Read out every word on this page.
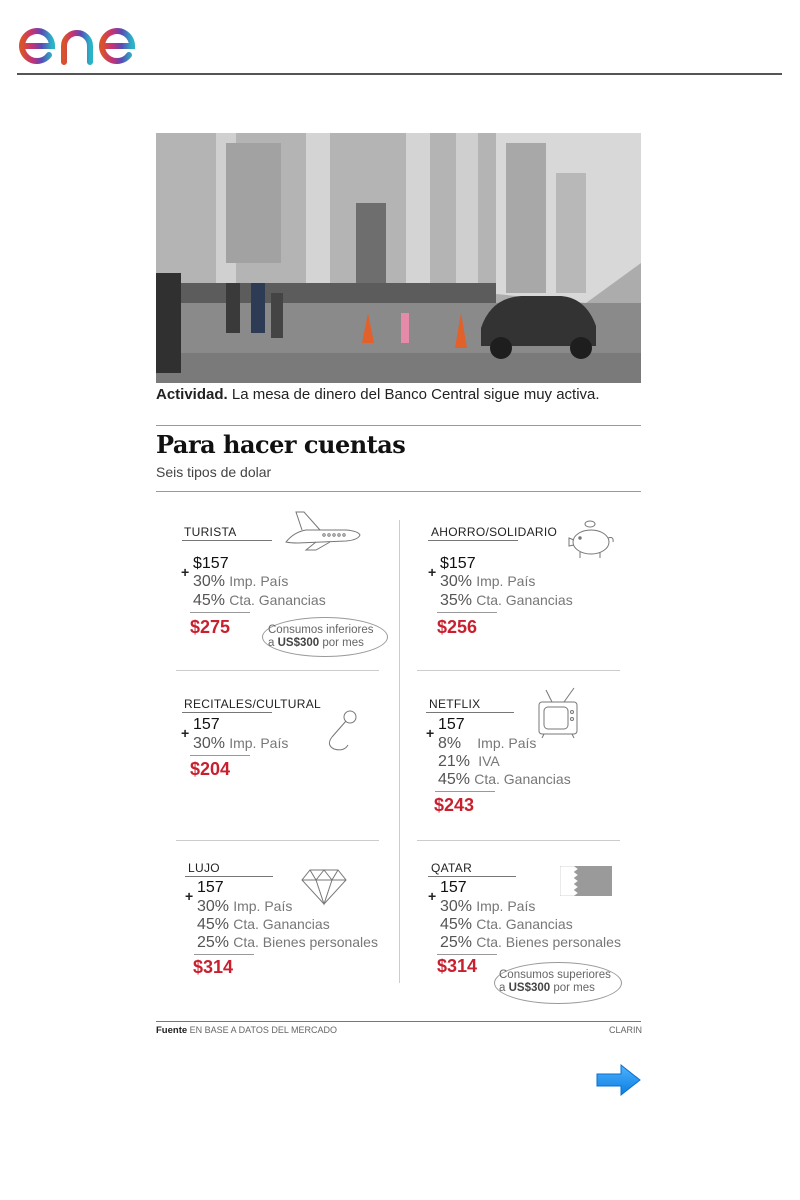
Actividad. La mesa de dinero del Banco Central sigue muy activa.
Para hacer cuentas
Seis tipos de dolar
TURISTA
+ $157
30% Imp. País
45% Cta. Ganancias
$275	Consumos inferiores
a US$300 por mes
AHORRO/SOLIDARIO
+ $157
30% Imp. País
35% Cta. Ganancias
$256
RECITALES/CULTURAL
+ 157
30% Imp. País
$204
NETFLIX
+ 157
8% Imp. País
21% IVA
45% Cta. Ganancias
$243
LUJO
+ 157
30% Imp. País
45% Cta. Ganancias
25% Cta. Bienes personales
$314
QATAR
+ 157
30% Imp. País
45% Cta. Ganancias
25% Cta. Bienes personales
$314 Consumos superiores
a US$300 por mes
Fuente EN BASE A DATOS DEL MERCADO	CLARIN
